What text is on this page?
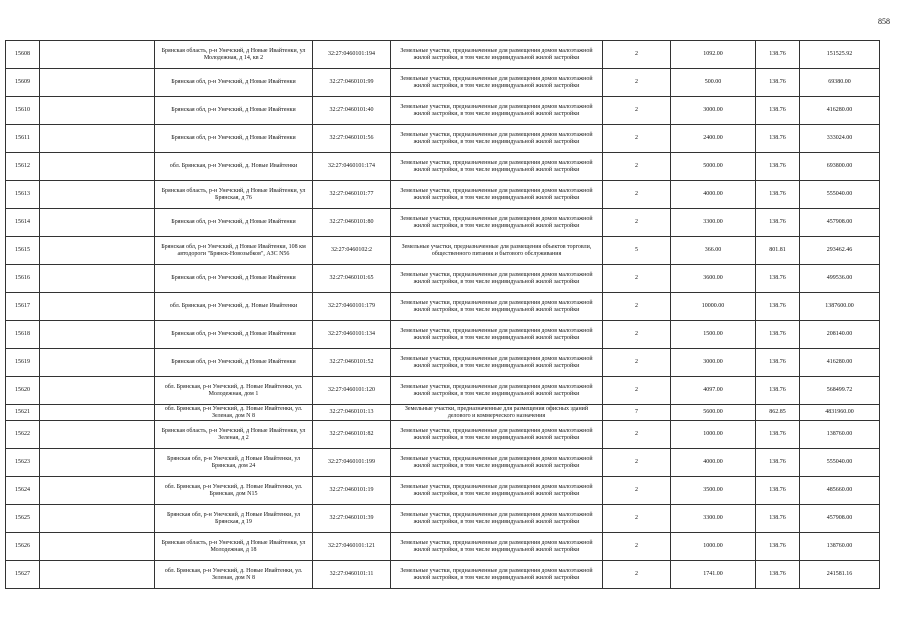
858
15608		Брянская область, р-н Унечский, д Новые Ивайтенки, ул Молодежная, д 14, кв 2	32:27:0460101:194	Земельные участки, предназначенные для размещения домов малоэтажной жилой застройки, в том числе индивидуальной жилой застройки	2	1092.00	138.76	151525.92
15609		Брянская обл, р-н Унечский, д Новые Ивайтенки	32:27:0460101:99	Земельные участки, предназначенные для размещения домов малоэтажной жилой застройки, в том числе индивидуальной жилой застройки	2	500.00	138.76	69380.00
15610		Брянская обл, р-н Унечский, д Новые Ивайтенки	32:27:0460101:40	Земельные участки, предназначенные для размещения домов малоэтажной жилой застройки, в том числе индивидуальной жилой застройки	2	3000.00	138.76	416280.00
15611		Брянская обл, р-н Унечский, д Новые Ивайтенки	32:27:0460101:56	Земельные участки, предназначенные для размещения домов малоэтажной жилой застройки, в том числе индивидуальной жилой застройки	2	2400.00	138.76	333024.00
15612		обл. Брянская, р-н Унечский, д. Новые Ивайтенки	32:27:0460101:174	Земельные участки, предназначенные для размещения домов малоэтажной жилой застройки, в том числе индивидуальной жилой застройки	2	5000.00	138.76	693800.00
15613		Брянская область, р-н Унечский, д Новые Ивайтенки, ул Брянская, д 76	32:27:0460101:77	Земельные участки, предназначенные для размещения домов малоэтажной жилой застройки, в том числе индивидуальной жилой застройки	2	4000.00	138.76	555040.00
15614		Брянская обл, р-н Унечский, д Новые Ивайтенки	32:27:0460101:80	Земельные участки, предназначенные для размещения домов малоэтажной жилой застройки, в том числе индивидуальной жилой застройки	2	3300.00	138.76	457908.00
15615		Брянская обл, р-н Унечский, д Новые Ивайтенки, 108 км автодороги "Брянск-Новозыбков", АЗС N56	32:27:0460102:2	Земельные участки, предназначенные для размещения объектов торговли, общественного питания и бытового обслуживания	5	366.00	801.81	293462.46
15616		Брянская обл, р-н Унечский, д Новые Ивайтенки	32:27:0460101:65	Земельные участки, предназначенные для размещения домов малоэтажной жилой застройки, в том числе индивидуальной жилой застройки	2	3600.00	138.76	499536.00
15617		обл. Брянская, р-н Унечский, д. Новые Ивайтенки	32:27:0460101:179	Земельные участки, предназначенные для размещения домов малоэтажной жилой застройки, в том числе индивидуальной жилой застройки	2	10000.00	138.76	1387600.00
15618		Брянская обл, р-н Унечский, д Новые Ивайтенки	32:27:0460101:134	Земельные участки, предназначенные для размещения домов малоэтажной жилой застройки, в том числе индивидуальной жилой застройки	2	1500.00	138.76	208140.00
15619		Брянская обл, р-н Унечский, д Новые Ивайтенки	32:27:0460101:52	Земельные участки, предназначенные для размещения домов малоэтажной жилой застройки, в том числе индивидуальной жилой застройки	2	3000.00	138.76	416280.00
15620		обл. Брянская, р-н Унечский, д. Новые Ивайтенки, ул. Молодежная, дом 1	32:27:0460101:120	Земельные участки, предназначенные для размещения домов малоэтажной жилой застройки, в том числе индивидуальной жилой застройки	2	4097.00	138.76	568499.72
15621		обл. Брянская, р-н Унечский, д. Новые Ивайтенки, ул. Зеленая, дом N 8	32:27:0460101:13	Земельные участки, предназначенные для размещения офисных зданий делового и коммерческого назначения	7	5600.00	862.85	4831960.00
15622		Брянская область, р-н Унечский, д Новые Ивайтенки, ул Зеленая, д 2	32:27:0460101:82	Земельные участки, предназначенные для размещения домов малоэтажной жилой застройки, в том числе индивидуальной жилой застройки	2	1000.00	138.76	138760.00
15623		Брянская обл, р-н Унечский, д Новые Ивайтенки, ул Брянская, дом 24	32:27:0460101:199	Земельные участки, предназначенные для размещения домов малоэтажной жилой застройки, в том числе индивидуальной жилой застройки	2	4000.00	138.76	555040.00
15624		обл. Брянская, р-н Унечский, д. Новые Ивайтенки, ул. Брянская, дом N15	32:27:0460101:19	Земельные участки, предназначенные для размещения домов малоэтажной жилой застройки, в том числе индивидуальной жилой застройки	2	3500.00	138.76	485660.00
15625		Брянская обл, р-н Унечский, д Новые Ивайтенки, ул Брянская, д 19	32:27:0460101:39	Земельные участки, предназначенные для размещения домов малоэтажной жилой застройки, в том числе индивидуальной жилой застройки	2	3300.00	138.76	457908.00
15626		Брянская область, р-н Унечский, д Новые Ивайтенки, ул Молодежная, д 18	32:27:0460101:121	Земельные участки, предназначенные для размещения домов малоэтажной жилой застройки, в том числе индивидуальной жилой застройки	2	1000.00	138.76	138760.00
15627		обл. Брянская, р-н Унечский, д. Новые Ивайтенки, ул. Зеленая, дом N 8	32:27:0460101:11	Земельные участки, предназначенные для размещения домов малоэтажной жилой застройки, в том числе индивидуальной жилой застройки	2	1741.00	138.76	241581.16
